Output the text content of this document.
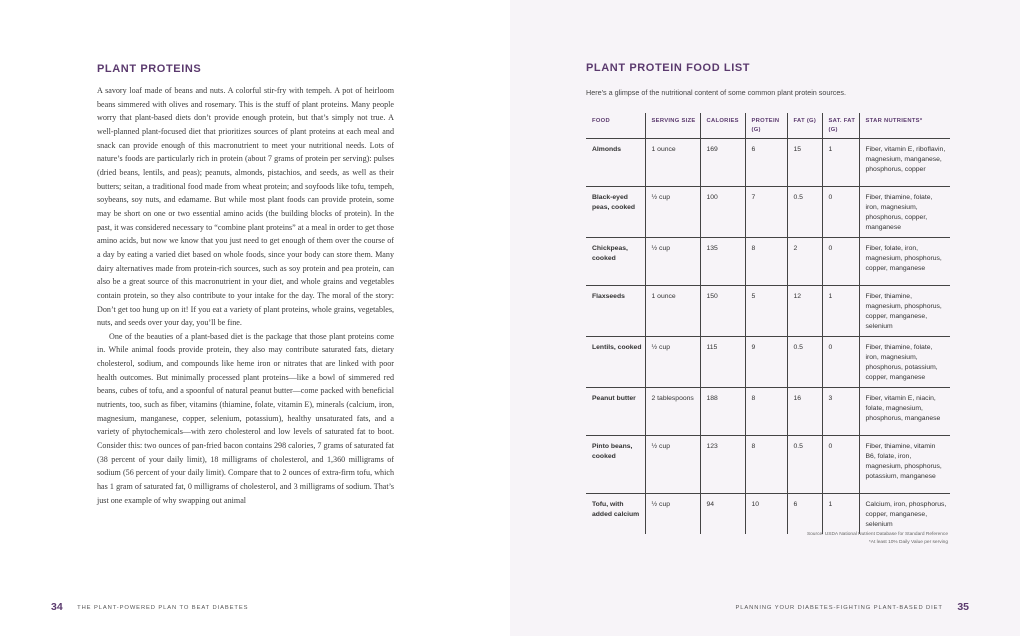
PLANT PROTEINS

A savory loaf made of beans and nuts. A colorful stir-fry with tempeh. A pot of heirloom beans simmered with olives and rosemary. This is the stuff of plant proteins. Many people worry that plant-based diets don’t provide enough protein, but that’s simply not true. A well-planned plant-focused diet that prioritizes sources of plant proteins at each meal and snack can provide enough of this macronutrient to meet your nutritional needs. Lots of nature’s foods are particularly rich in protein (about 7 grams of protein per serving): pulses (dried beans, lentils, and peas); peanuts, almonds, pistachios, and seeds, as well as their butters; seitan, a traditional food made from wheat protein; and soyfoods like tofu, tempeh, soybeans, soy nuts, and edamame. But while most plant foods can provide protein, some may be short on one or two essential amino acids (the building blocks of protein). In the past, it was considered necessary to “combine plant proteins” at a meal in order to get those amino acids, but now we know that you just need to get enough of them over the course of a day by eating a varied diet based on whole foods, since your body can store them. Many dairy alternatives made from protein-rich sources, such as soy protein and pea protein, can also be a great source of this macronutrient in your diet, and whole grains and vegetables contain protein, so they also contribute to your intake for the day. The moral of the story: Don’t get too hung up on it! If you eat a variety of plant proteins, whole grains, vegetables, nuts, and seeds over your day, you’ll be fine.

One of the beauties of a plant-based diet is the package that those plant proteins come in. While animal foods provide protein, they also may contribute saturated fats, dietary cholesterol, sodium, and compounds like heme iron or nitrates that are linked with poor health outcomes. But minimally processed plant proteins—like a bowl of simmered red beans, cubes of tofu, and a spoonful of natural peanut butter—come packed with beneficial nutrients, too, such as fiber, vitamins (thiamine, folate, vitamin E), minerals (calcium, iron, magnesium, manganese, copper, selenium, potassium), healthy unsaturated fats, and a variety of phytochemicals—with zero cholesterol and low levels of saturated fat to boot. Consider this: two ounces of pan-fried bacon contains 298 calories, 7 grams of saturated fat (38 percent of your daily limit), 18 milligrams of cholesterol, and 1,360 milligrams of sodium (56 percent of your daily limit). Compare that to 2 ounces of extra-firm tofu, which has 1 gram of saturated fat, 0 milligrams of cholesterol, and 3 milligrams of sodium. That’s just one example of why swapping out animal

34 THE PLANT-POWERED PLAN TO BEAT DIABETES
PLANT PROTEIN FOOD LIST
Here’s a glimpse of the nutritional content of some common plant protein sources.
FOOD	SERVING SIZE	CALORIES	PROTEIN (G)	FAT (G)	SAT. FAT (G)	STAR NUTRIENTS*
Almonds	1 ounce	169	6	15	1	Fiber, vitamin E, riboflavin, magnesium, manganese, phosphorus, copper
Black-eyed peas, cooked	½ cup	100	7	0.5	0	Fiber, thiamine, folate, iron, magnesium, phosphorus, copper, manganese
Chickpeas, cooked	½ cup	135	8	2	0	Fiber, folate, iron, magnesium, phosphorus, copper, manganese
Flaxseeds	1 ounce	150	5	12	1	Fiber, thiamine, magnesium, phosphorus, copper, manganese, selenium
Lentils, cooked	½ cup	115	9	0.5	0	Fiber, thiamine, folate, iron, magnesium, phosphorus, potassium, copper, manganese
Peanut butter	2 tablespoons	188	8	16	3	Fiber, vitamin E, niacin, folate, magnesium, phosphorus, manganese
Pinto beans, cooked	½ cup	123	8	0.5	0	Fiber, thiamine, vitamin B6, folate, iron, magnesium, phosphorus, potassium, manganese
Tofu, with added calcium	½ cup	94	10	6	1	Calcium, iron, phosphorus, copper, manganese, selenium
Source: USDA National Nutrient Database for Standard Reference
*At least 10% Daily Value per serving
PLANNING YOUR DIABETES-FIGHTING PLANT-BASED DIET 35
